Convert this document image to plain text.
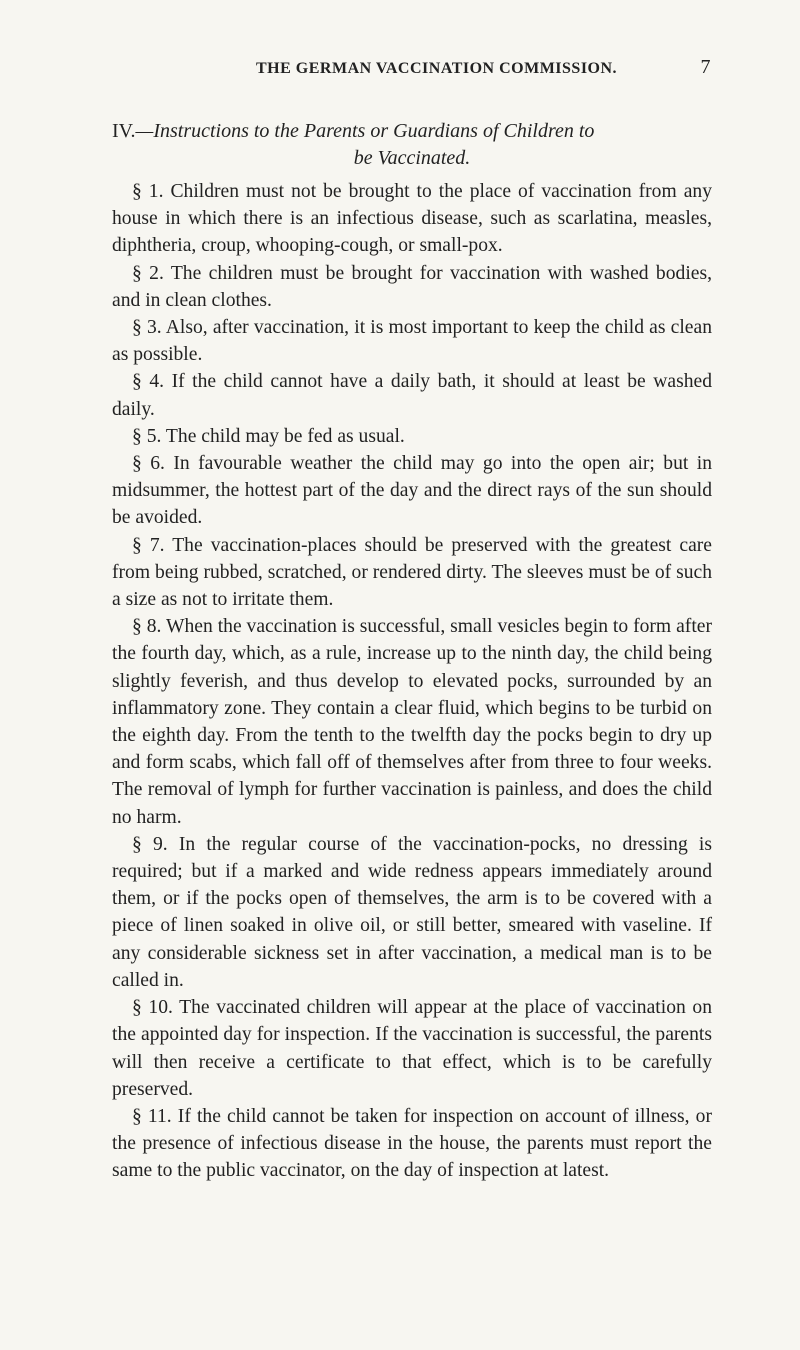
THE GERMAN VACCINATION COMMISSION.	7
IV.—Instructions to the Parents or Guardians of Children to
be Vaccinated.

§ 1. Children must not be brought to the place of vaccination from any house in which there is an infectious disease, such as scarlatina, measles, diphtheria, croup, whooping-cough, or small-pox.

§ 2. The children must be brought for vaccination with washed bodies, and in clean clothes.

§ 3. Also, after vaccination, it is most important to keep the child as clean as possible.

§ 4. If the child cannot have a daily bath, it should at least be washed daily.

§ 5. The child may be fed as usual.

§ 6. In favourable weather the child may go into the open air; but in midsummer, the hottest part of the day and the direct rays of the sun should be avoided.

§ 7. The vaccination-places should be preserved with the greatest care from being rubbed, scratched, or rendered dirty. The sleeves must be of such a size as not to irritate them.

§ 8. When the vaccination is successful, small vesicles begin to form after the fourth day, which, as a rule, increase up to the ninth day, the child being slightly feverish, and thus develop to elevated pocks, surrounded by an inflammatory zone. They contain a clear fluid, which begins to be turbid on the eighth day. From the tenth to the twelfth day the pocks begin to dry up and form scabs, which fall off of themselves after from three to four weeks. The removal of lymph for further vaccination is painless, and does the child no harm.

§ 9. In the regular course of the vaccination-pocks, no dressing is required; but if a marked and wide redness appears immediately around them, or if the pocks open of themselves, the arm is to be covered with a piece of linen soaked in olive oil, or still better, smeared with vaseline. If any considerable sickness set in after vaccination, a medical man is to be called in.

§ 10. The vaccinated children will appear at the place of vaccination on the appointed day for inspection. If the vaccination is successful, the parents will then receive a certificate to that effect, which is to be carefully preserved.

§ 11. If the child cannot be taken for inspection on account of illness, or the presence of infectious disease in the house, the parents must report the same to the public vaccinator, on the day of inspection at latest.
